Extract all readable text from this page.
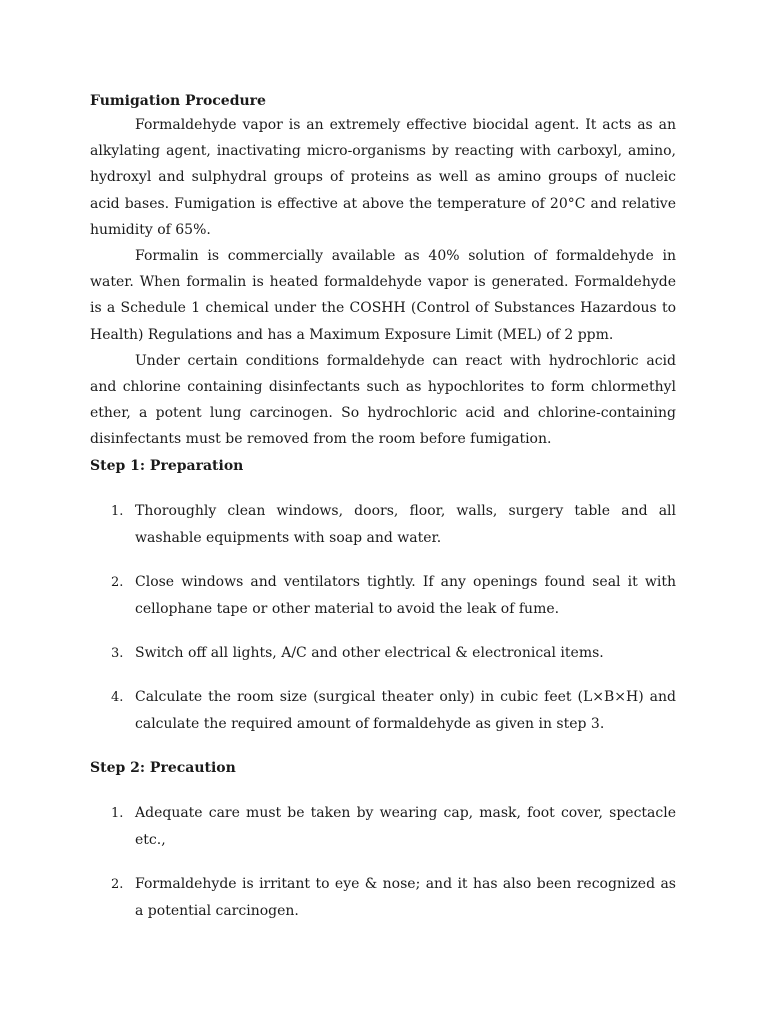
Fumigation Procedure

Formaldehyde vapor is an extremely effective biocidal agent. It acts as an alkylating agent, inactivating micro-organisms by reacting with carboxyl, amino, hydroxyl and sulphydral groups of proteins as well as amino groups of nucleic acid bases. Fumigation is effective at above the temperature of 20°C and relative humidity of 65%.

Formalin is commercially available as 40% solution of formaldehyde in water. When formalin is heated formaldehyde vapor is generated. Formaldehyde is a Schedule 1 chemical under the COSHH (Control of Substances Hazardous to Health) Regulations and has a Maximum Exposure Limit (MEL) of 2 ppm.

Under certain conditions formaldehyde can react with hydrochloric acid and chlorine containing disinfectants such as hypochlorites to form chlormethyl ether, a potent lung carcinogen. So hydrochloric acid and chlorine-containing disinfectants must be removed from the room before fumigation.

Step 1: Preparation
1. Thoroughly clean windows, doors, floor, walls, surgery table and all washable equipments with soap and water.
2. Close windows and ventilators tightly. If any openings found seal it with cellophane tape or other material to avoid the leak of fume.
3. Switch off all lights, A/C and other electrical & electronical items.
4. Calculate the room size (surgical theater only) in cubic feet (L×B×H) and calculate the required amount of formaldehyde as given in step 3.
Step 2: Precaution
1. Adequate care must be taken by wearing cap, mask, foot cover, spectacle etc.,
2. Formaldehyde is irritant to eye & nose; and it has also been recognized as a potential carcinogen.
